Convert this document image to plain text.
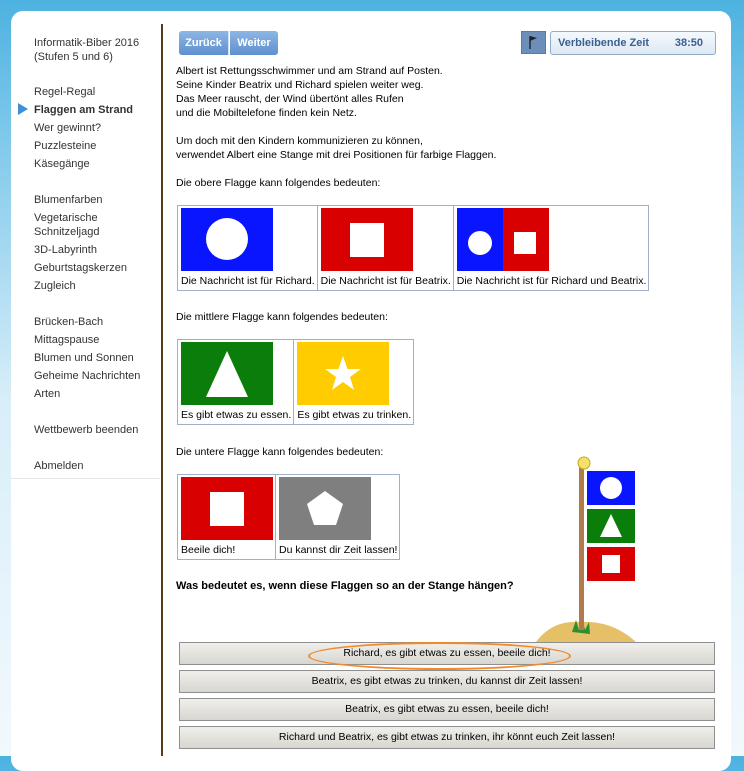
Informatik-Biber 2016
(Stufen 5 und 6)
Regel-Regal
Flaggen am Strand
Wer gewinnt?
Puzzlesteine
Käsegänge
Blumenfarben
Vegetarische Schnitzeljagd
3D-Labyrinth
Geburtstagskerzen
Zugleich
Brücken-Bach
Mittagspause
Blumen und Sonnen
Geheime Nachrichten
Arten
Wettbewerb beenden
Abmelden
Zurück	Weiter	Verbleibende Zeit 38:50
Albert ist Rettungsschwimmer und am Strand auf Posten.
Seine Kinder Beatrix und Richard spielen weiter weg.
Das Meer rauscht, der Wind übertönt alles Rufen
und die Mobiltelefone finden kein Netz.
Um doch mit den Kindern kommunizieren zu können,
verwendet Albert eine Stange mit drei Positionen für farbige Flaggen.
Die obere Flagge kann folgendes bedeuten:
Die Nachricht ist für Richard.	Die Nachricht ist für Beatrix.	Die Nachricht ist für Richard und Beatrix.
Die mittlere Flagge kann folgendes bedeuten:
Es gibt etwas zu essen.	Es gibt etwas zu trinken.
Die untere Flagge kann folgendes bedeuten:
Beeile dich!	Du kannst dir Zeit lassen!
Was bedeutet es, wenn diese Flaggen so an der Stange hängen?
Richard, es gibt etwas zu essen, beeile dich!
Beatrix, es gibt etwas zu trinken, du kannst dir Zeit lassen!
Beatrix, es gibt etwas zu essen, beeile dich!
Richard und Beatrix, es gibt etwas zu trinken, ihr könnt euch Zeit lassen!
